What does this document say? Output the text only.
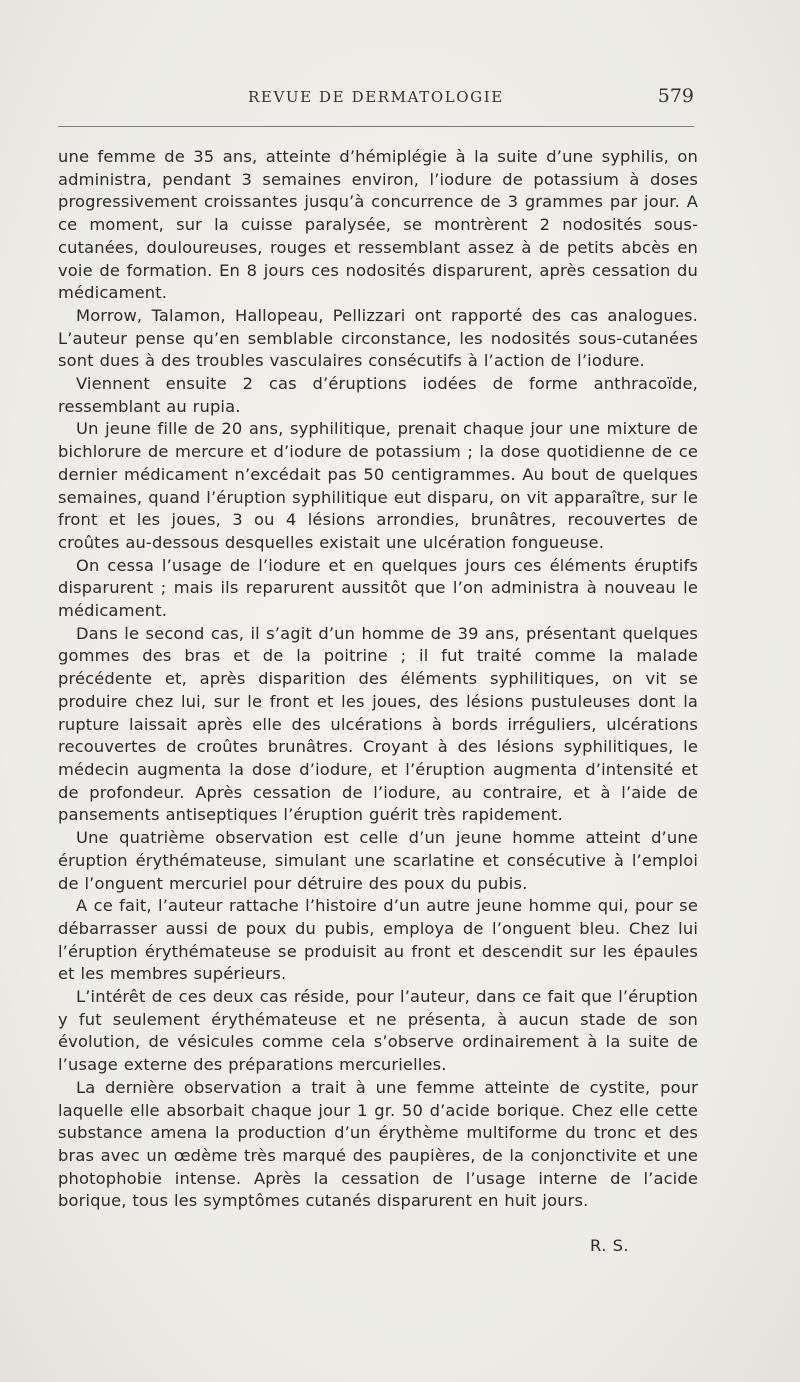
REVUE DE DERMATOLOGIE	579

une femme de 35 ans, atteinte d’hémiplégie à la suite d’une syphilis, on administra, pendant 3 semaines environ, l’iodure de potassium à doses progressivement croissantes jusqu’à concurrence de 3 grammes par jour. A ce moment, sur la cuisse paralysée, se montrèrent 2 nodosités sous-cutanées, douloureuses, rouges et ressemblant assez à de petits abcès en voie de formation. En 8 jours ces nodosités disparurent, après cessation du médicament.

Morrow, Talamon, Hallopeau, Pellizzari ont rapporté des cas analogues. L’auteur pense qu’en semblable circonstance, les nodosités sous-cutanées sont dues à des troubles vasculaires consécutifs à l’action de l’iodure.

Viennent ensuite 2 cas d’éruptions iodées de forme anthracoïde, ressemblant au rupia.

Un jeune fille de 20 ans, syphilitique, prenait chaque jour une mixture de bichlorure de mercure et d’iodure de potassium ; la dose quotidienne de ce dernier médicament n’excédait pas 50 centigrammes. Au bout de quelques semaines, quand l’éruption syphilitique eut disparu, on vit apparaître, sur le front et les joues, 3 ou 4 lésions arrondies, brunâtres, recouvertes de croûtes au-dessous desquelles existait une ulcération fongueuse.

On cessa l’usage de l’iodure et en quelques jours ces éléments éruptifs disparurent ; mais ils reparurent aussitôt que l’on administra à nouveau le médicament.

Dans le second cas, il s’agit d’un homme de 39 ans, présentant quelques gommes des bras et de la poitrine ; il fut traité comme la malade précédente et, après disparition des éléments syphilitiques, on vit se produire chez lui, sur le front et les joues, des lésions pustuleuses dont la rupture laissait après elle des ulcérations à bords irréguliers, ulcérations recouvertes de croûtes brunâtres. Croyant à des lésions syphilitiques, le médecin augmenta la dose d’iodure, et l’éruption augmenta d’intensité et de profondeur. Après cessation de l’iodure, au contraire, et à l’aide de pansements antiseptiques l’éruption guérit très rapidement.

Une quatrième observation est celle d’un jeune homme atteint d’une éruption érythémateuse, simulant une scarlatine et consécutive à l’emploi de l’onguent mercuriel pour détruire des poux du pubis.

A ce fait, l’auteur rattache l’histoire d’un autre jeune homme qui, pour se débarrasser aussi de poux du pubis, employa de l’onguent bleu. Chez lui l’éruption érythémateuse se produisit au front et descendit sur les épaules et les membres supérieurs.

L’intérêt de ces deux cas réside, pour l’auteur, dans ce fait que l’éruption y fut seulement érythémateuse et ne présenta, à aucun stade de son évolution, de vésicules comme cela s’observe ordinairement à la suite de l’usage externe des préparations mercurielles.

La dernière observation a trait à une femme atteinte de cystite, pour laquelle elle absorbait chaque jour 1 gr. 50 d’acide borique. Chez elle cette substance amena la production d’un érythème multiforme du tronc et des bras avec un œdème très marqué des paupières, de la conjonctivite et une photophobie intense. Après la cessation de l’usage interne de l’acide borique, tous les symptômes cutanés disparurent en huit jours.

R. S.
